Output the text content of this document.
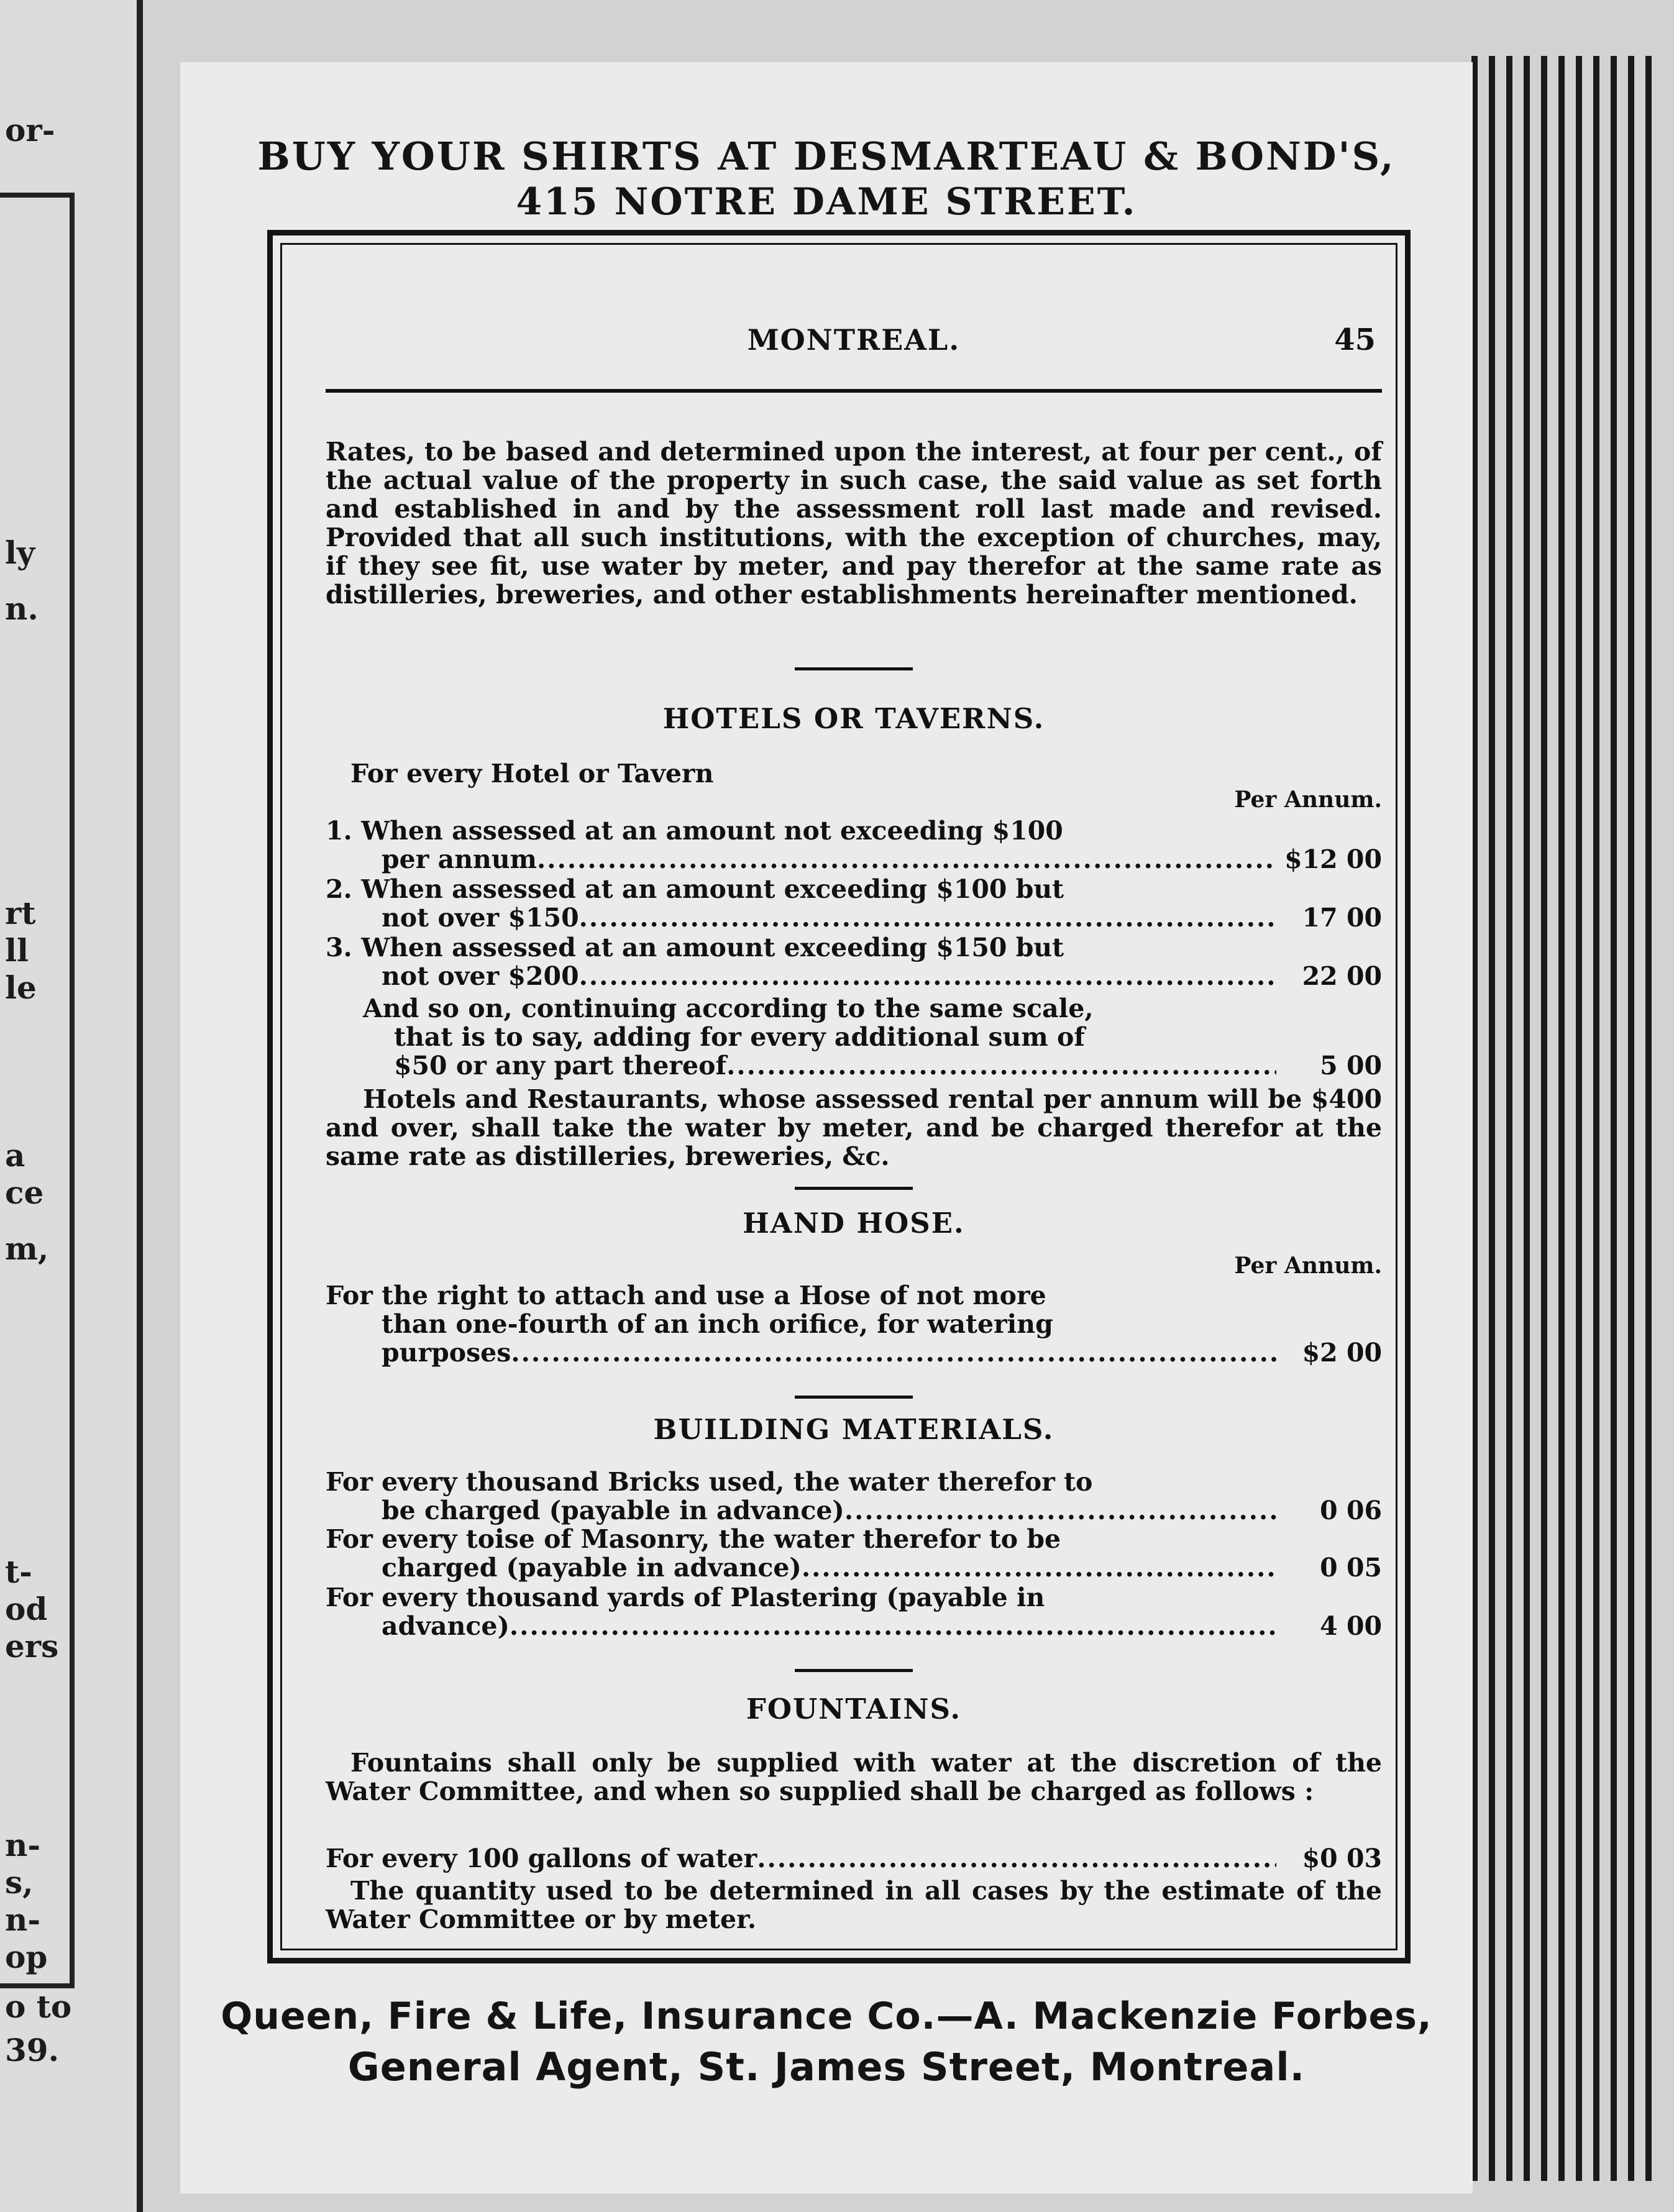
or-
ly
n.
rt
ll
le
a
ce
m,
t-
od
ers
n-
s,
n-
op
o to
39.
BUY YOUR SHIRTS AT DESMARTEAU & BOND'S,
415 NOTRE DAME STREET.
MONTREAL.	45
Rates, to be based and determined upon the interest, at four per cent., of the actual value of the property in such case, the said value as set forth and established in and by the assessment roll last made and revised. Provided that all such institutions, with the exception of churches, may, if they see fit, use water by meter, and pay therefor at the same rate as distilleries, breweries, and other establishments hereinafter mentioned.
HOTELS OR TAVERNS.
For every Hotel or Tavern
Per Annum.
1. When assessed at an amount not exceeding $100
per annum .....	$12 00
2. When assessed at an amount exceeding $100 but
not over $150 .....	17 00
3. When assessed at an amount exceeding $150 but
not over $200 .....	22 00
And so on, continuing according to the same scale,
that is to say, adding for every additional sum of
$50 or any part thereof .....	5 00
Hotels and Restaurants, whose assessed rental per annum will be $400 and over, shall take the water by meter, and be charged therefor at the same rate as distilleries, breweries, &c.
HAND HOSE.
Per Annum.
For the right to attach and use a Hose of not more
than one-fourth of an inch orifice, for watering
purposes .....	$2 00
BUILDING MATERIALS.
For every thousand Bricks used, the water therefor to
be charged (payable in advance) .....	0 06
For every toise of Masonry, the water therefor to be
charged (payable in advance) .....	0 05
For every thousand yards of Plastering (payable in
advance) .....	4 00
FOUNTAINS.
Fountains shall only be supplied with water at the discretion of the Water Committee, and when so supplied shall be charged as follows :
For every 100 gallons of water .....	$0 03
The quantity used to be determined in all cases by the estimate of the Water Committee or by meter.
Queen, Fire & Life, Insurance Co.—A. Mackenzie Forbes,
General Agent, St. James Street, Montreal.
